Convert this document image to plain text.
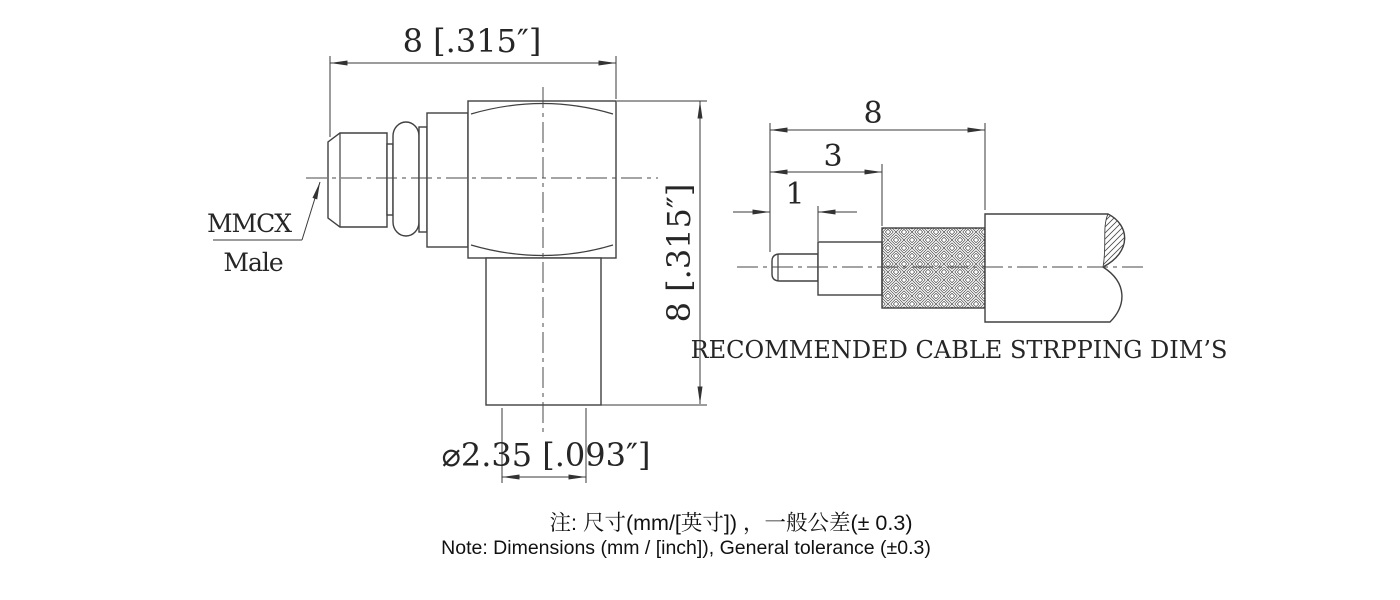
8 [.315″]
8 [.315″]
⌀2.35 [.093″]
MMCX
Male
8
3
1
RECOMMENDED CABLE STRPPING DIM’S
注: 尺寸(mm/[英寸]) ，一般公差(± 0.3)
Note: Dimensions (mm / [inch]), General tolerance (±0.3)
